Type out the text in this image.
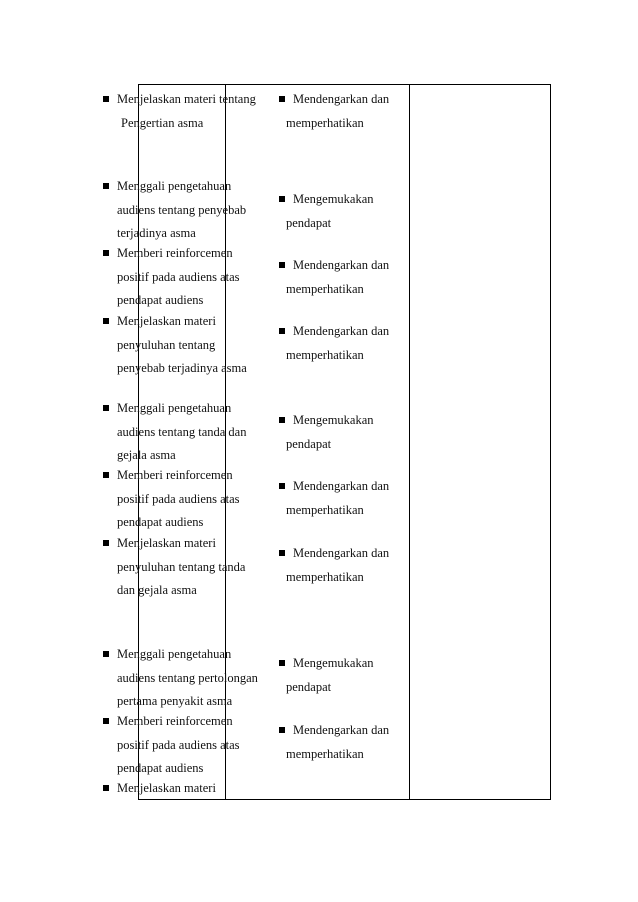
Menjelaskan materi tentang
Pengertian asma
Menggali pengetahuan
audiens tentang penyebab
terjadinya asma
Memberi reinforcemen
positif pada audiens atas
pendapat audiens
Menjelaskan materi
penyuluhan tentang
penyebab terjadinya asma
Menggali pengetahuan
audiens tentang tanda dan
gejala asma
Memberi reinforcemen
positif pada audiens atas
pendapat audiens
Menjelaskan materi
penyuluhan tentang tanda
dan gejala asma
Menggali pengetahuan
audiens tentang pertolongan
pertama penyakit asma
Memberi reinforcemen
positif pada audiens atas
pendapat audiens
Menjelaskan materi
Mendengarkan dan
memperhatikan
Mengemukakan
pendapat
Mendengarkan dan
memperhatikan
Mendengarkan dan
memperhatikan
Mengemukakan
pendapat
Mendengarkan dan
memperhatikan
Mendengarkan dan
memperhatikan
Mengemukakan
pendapat
Mendengarkan dan
memperhatikan
